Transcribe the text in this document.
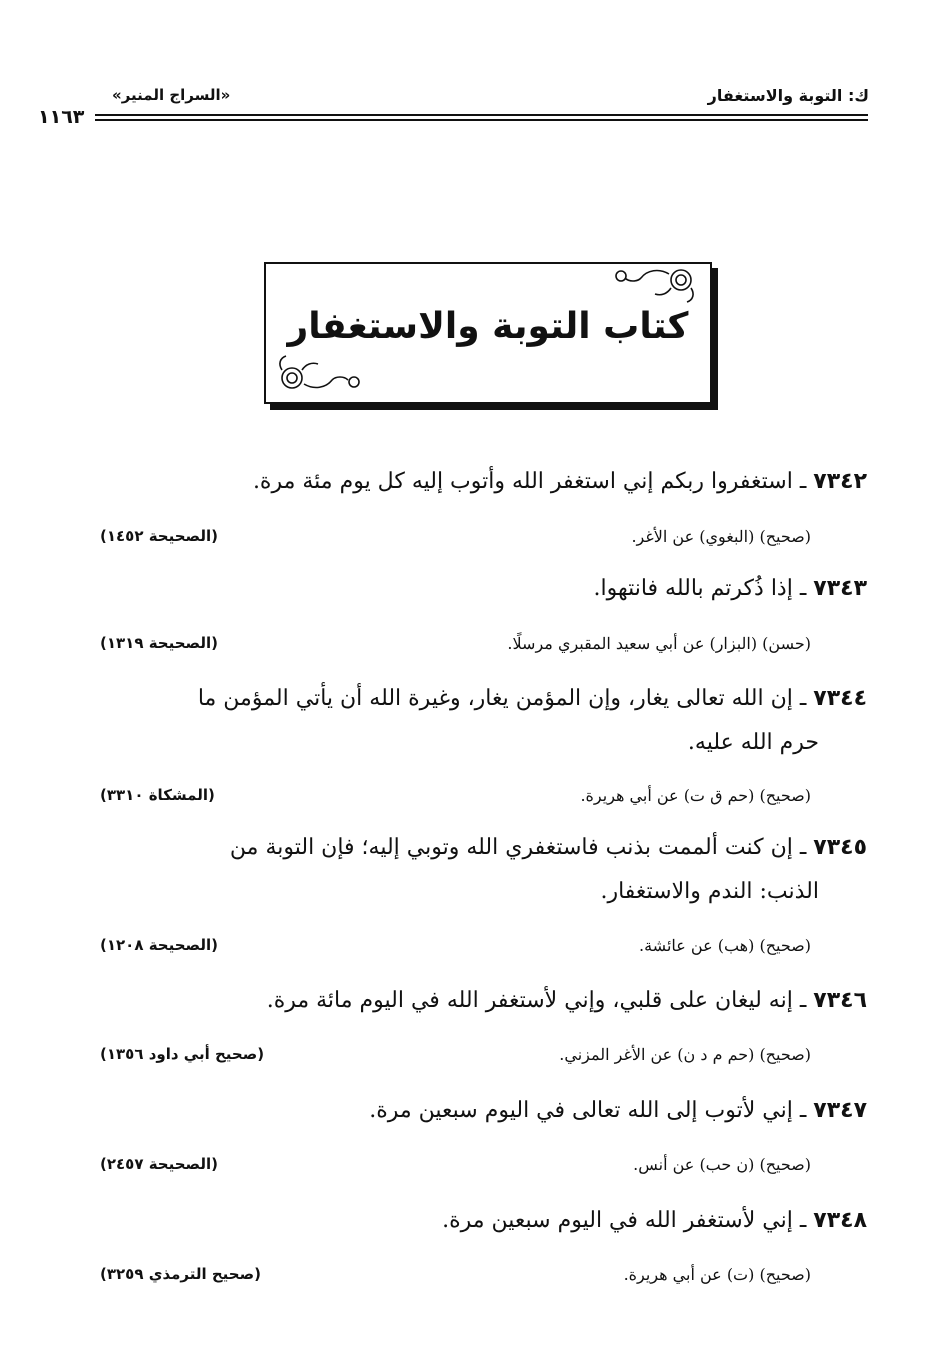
«السراج المنير»	ك: التوبة والاستغفار
١١٦٣
كتاب التوبة والاستغفار
٧٣٤٢ ـ استغفروا ربكم إني استغفر الله وأتوب إليه كل يوم مئة مرة.
(صحيح) (البغوي) عن الأغر.
(الصحيحة ١٤٥٢)
٧٣٤٣ ـ إذا ذُكرتم بالله فانتهوا.
(حسن) (البزار) عن أبي سعيد المقبري مرسلًا.
(الصحيحة ١٣١٩)
٧٣٤٤ ـ إن الله تعالى يغار، وإن المؤمن يغار، وغيرة الله أن يأتي المؤمن ما
حرم الله عليه.
(صحيح) (حم ق ت) عن أبي هريرة.
(المشكاة ٣٣١٠)
٧٣٤٥ ـ إن كنت ألممت بذنب فاستغفري الله وتوبي إليه؛ فإن التوبة من
الذنب: الندم والاستغفار.
(صحيح) (هب) عن عائشة.
(الصحيحة ١٢٠٨)
٧٣٤٦ ـ إنه ليغان على قلبي، وإني لأستغفر الله في اليوم مائة مرة.
(صحيح) (حم م د ن) عن الأغر المزني.
(صحيح أبي داود ١٣٥٦)
٧٣٤٧ ـ إني لأتوب إلى الله تعالى في اليوم سبعين مرة.
(صحيح) (ن حب) عن أنس.
(الصحيحة ٢٤٥٧)
٧٣٤٨ ـ إني لأستغفر الله في اليوم سبعين مرة.
(صحيح) (ت) عن أبي هريرة.
(صحيح الترمذي ٣٢٥٩)
